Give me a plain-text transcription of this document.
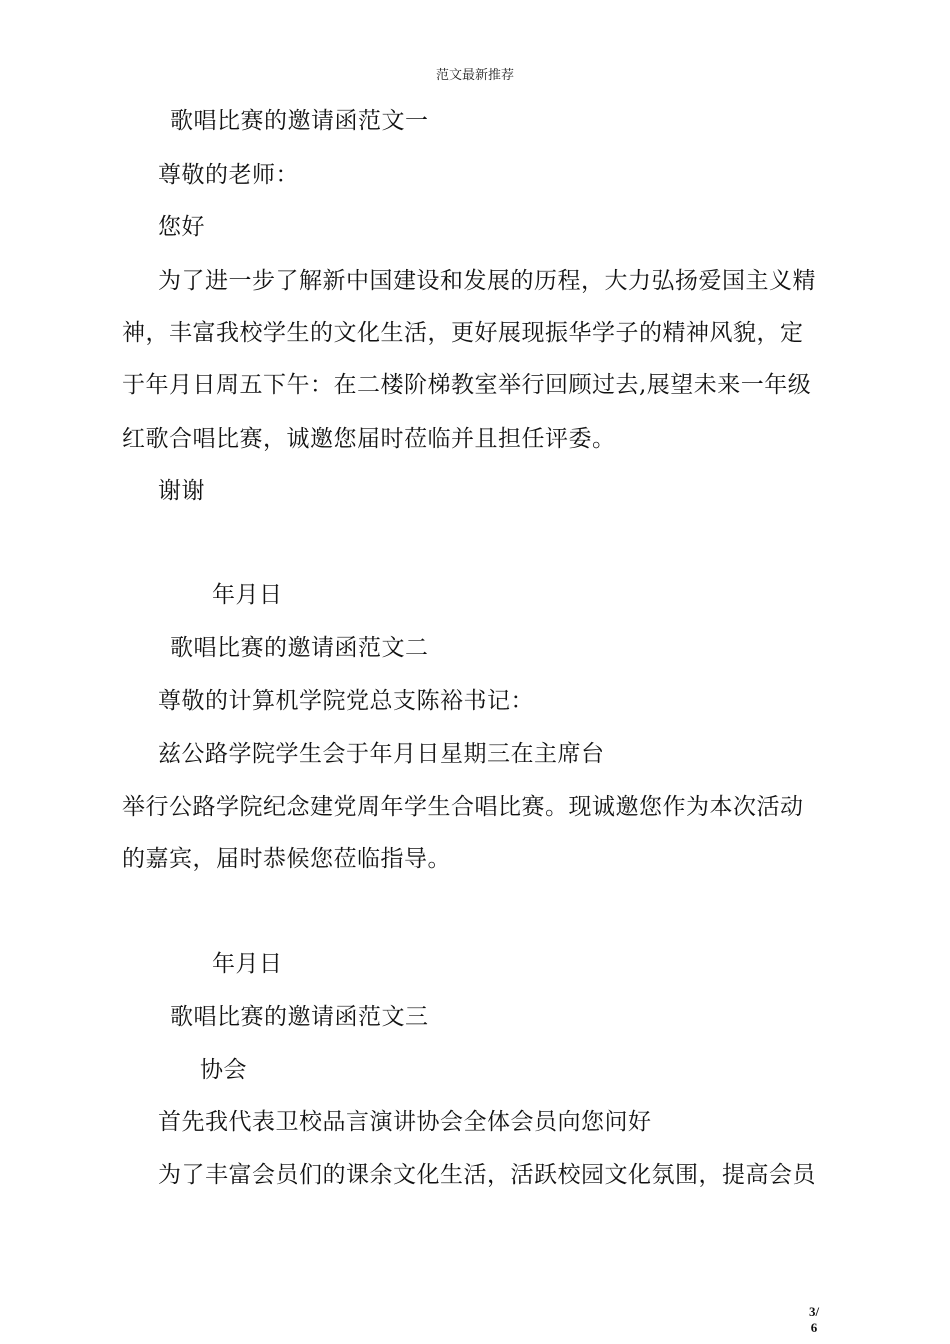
范文最新推荐
歌唱比赛的邀请函范文一
尊敬的老师：
您好
为了进一步了解新中国建设和发展的历程，大力弘扬爱国主义精
神，丰富我校学生的文化生活，更好展现振华学子的精神风貌，定
于年月日周五下午：在二楼阶梯教室举行回顾过去,展望未来一年级
红歌合唱比赛，诚邀您届时莅临并且担任评委。
谢谢
年月日
歌唱比赛的邀请函范文二
尊敬的计算机学院党总支陈裕书记：
兹公路学院学生会于年月日星期三在主席台
举行公路学院纪念建党周年学生合唱比赛。现诚邀您作为本次活动
的嘉宾，届时恭候您莅临指导。
年月日
歌唱比赛的邀请函范文三
协会
首先我代表卫校品言演讲协会全体会员向您问好
为了丰富会员们的课余文化生活，活跃校园文化氛围，提高会员
3/
6
